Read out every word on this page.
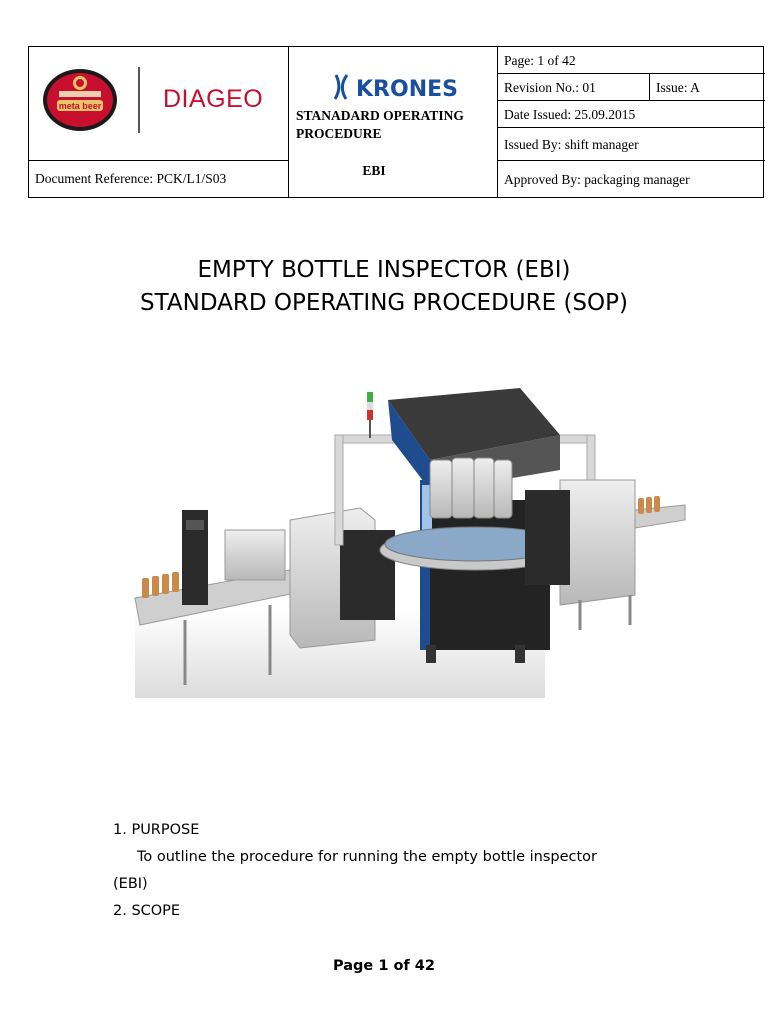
meta beer DIAGEO
Document Reference: PCK/L1/S03
KRONES
STANADARD OPERATING PROCEDURE
EBI
Page: 1 of 42
Revision No.: 01	Issue: A
Date Issued: 25.09.2015
Issued By: shift manager
Approved By: packaging manager
EMPTY BOTTLE INSPECTOR (EBI)
STANDARD OPERATING PROCEDURE (SOP)
1. PURPOSE
To outline the procedure for running the empty bottle inspector
(EBI)
2. SCOPE
Page 1 of 42
